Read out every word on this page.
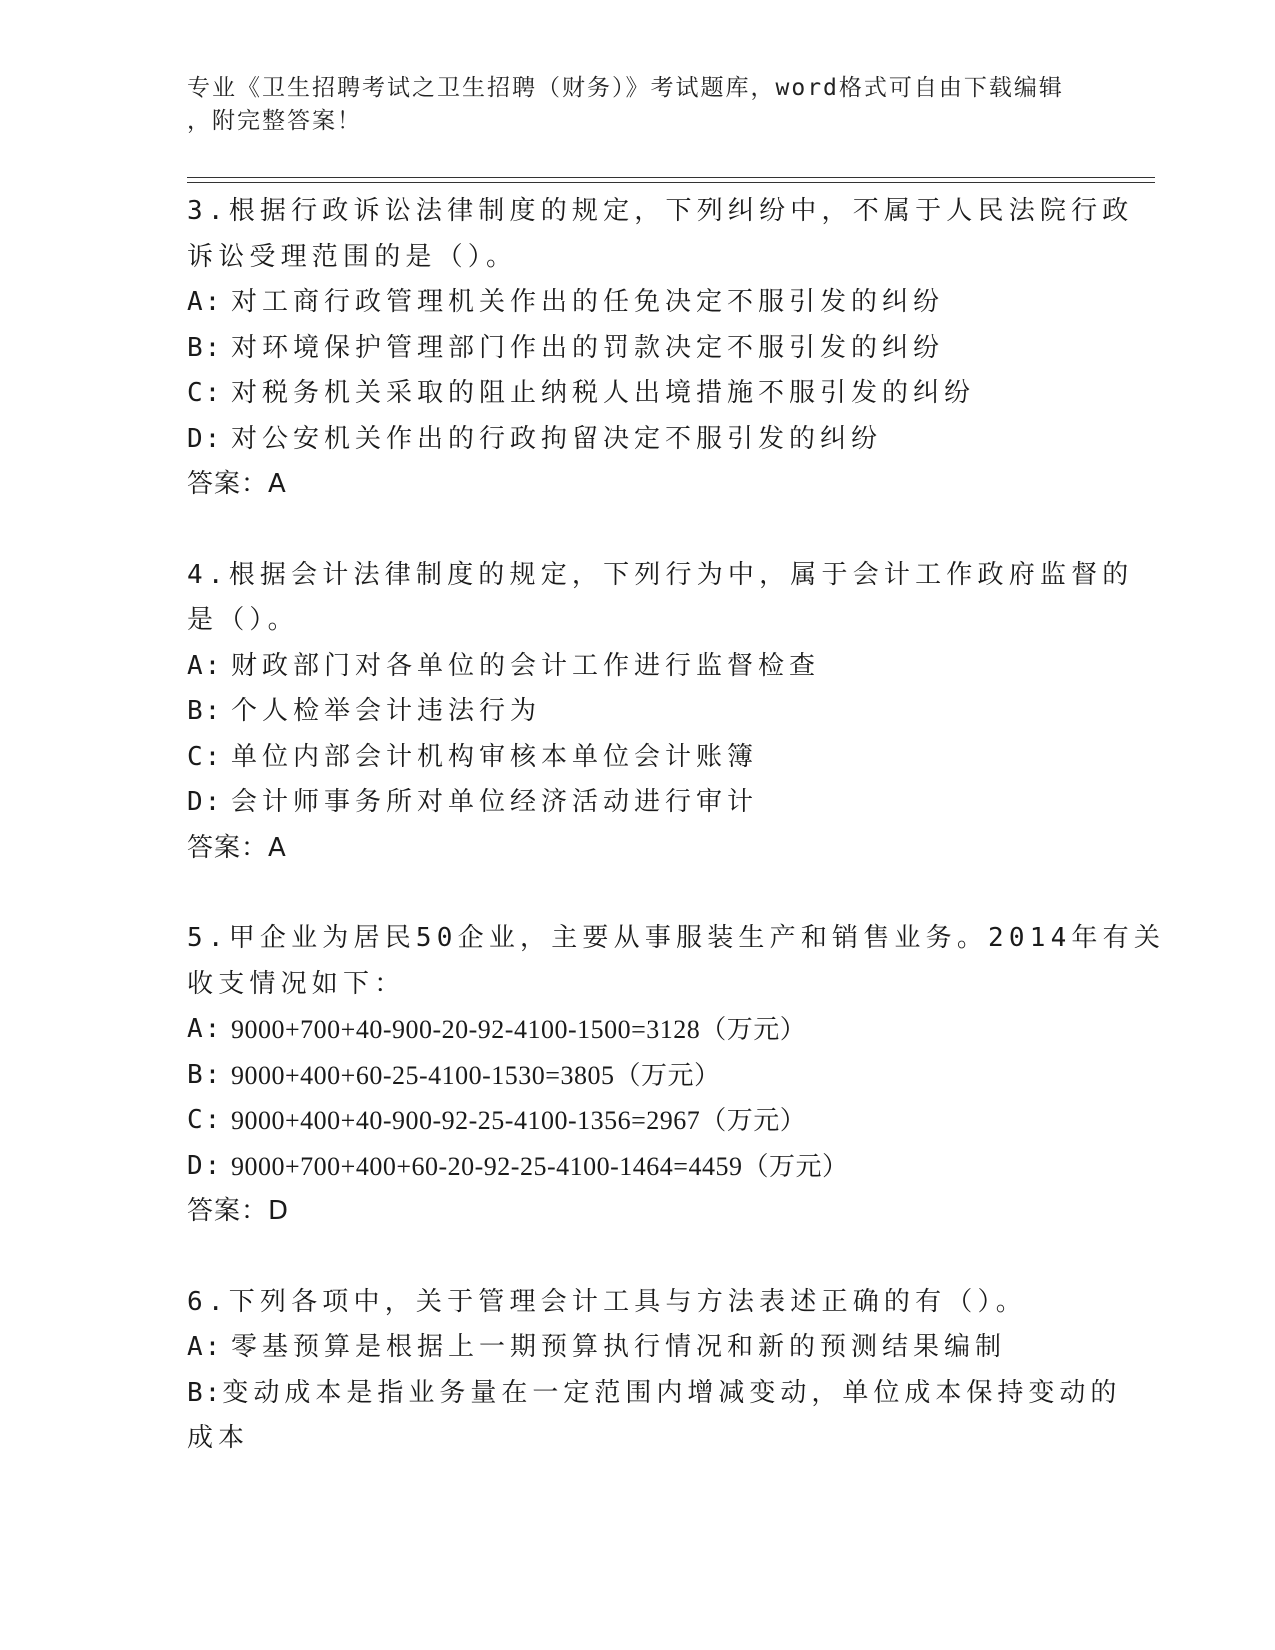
专业《卫生招聘考试之卫生招聘（财务）》考试题库，word格式可自由下载编辑
，附完整答案！
3.根据行政诉讼法律制度的规定，下列纠纷中，不属于人民法院行政
诉讼受理范围的是（）。
A: 对工商行政管理机关作出的任免决定不服引发的纠纷
B: 对环境保护管理部门作出的罚款决定不服引发的纠纷
C: 对税务机关采取的阻止纳税人出境措施不服引发的纠纷
D: 对公安机关作出的行政拘留决定不服引发的纠纷
答案：A
4.根据会计法律制度的规定，下列行为中，属于会计工作政府监督的
是（）。
A: 财政部门对各单位的会计工作进行监督检查
B: 个人检举会计违法行为
C: 单位内部会计机构审核本单位会计账簿
D: 会计师事务所对单位经济活动进行审计
答案：A
5.甲企业为居民50企业，主要从事服装生产和销售业务。2014年有关
收支情况如下：
A: 9000+700+40-900-20-92-4100-1500=3128（万元）
B: 9000+400+60-25-4100-1530=3805（万元）
C: 9000+400+40-900-92-25-4100-1356=2967（万元）
D: 9000+700+400+60-20-92-25-4100-1464=4459（万元）
答案：D
6.下列各项中，关于管理会计工具与方法表述正确的有（）。
A: 零基预算是根据上一期预算执行情况和新的预测结果编制
B: 变动成本是指业务量在一定范围内增减变动，单位成本保持变动的
成本
